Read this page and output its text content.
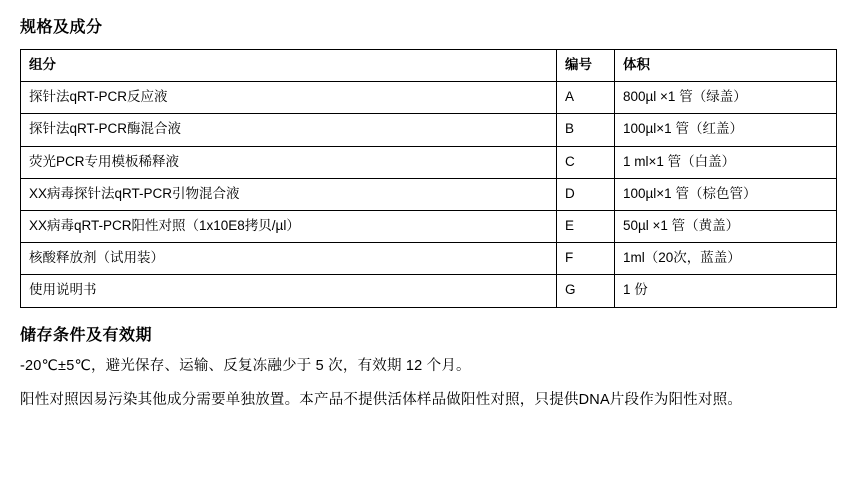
规格及成分
组分	编号	体积
探针法qRT-PCR反应液	A	800µl ×1 管（绿盖）
探针法qRT-PCR酶混合液	B	100µl×1 管（红盖）
荧光PCR专用模板稀释液	C	1 ml×1 管（白盖）
XX病毒探针法qRT-PCR引物混合液	D	100µl×1 管（棕色管）
XX病毒qRT-PCR阳性对照（1x10E8拷贝/µl）	E	50µl ×1 管（黄盖）
核酸释放剂（试用装）	F	1ml（20次，蓝盖）
使用说明书	G	1 份
储存条件及有效期

-20℃±5℃，避光保存、运输、反复冻融少于 5 次，有效期 12 个月。

阳性对照因易污染其他成分需要单独放置。本产品不提供活体样品做阳性对照，只提供DNA片段作为阳性对照。
